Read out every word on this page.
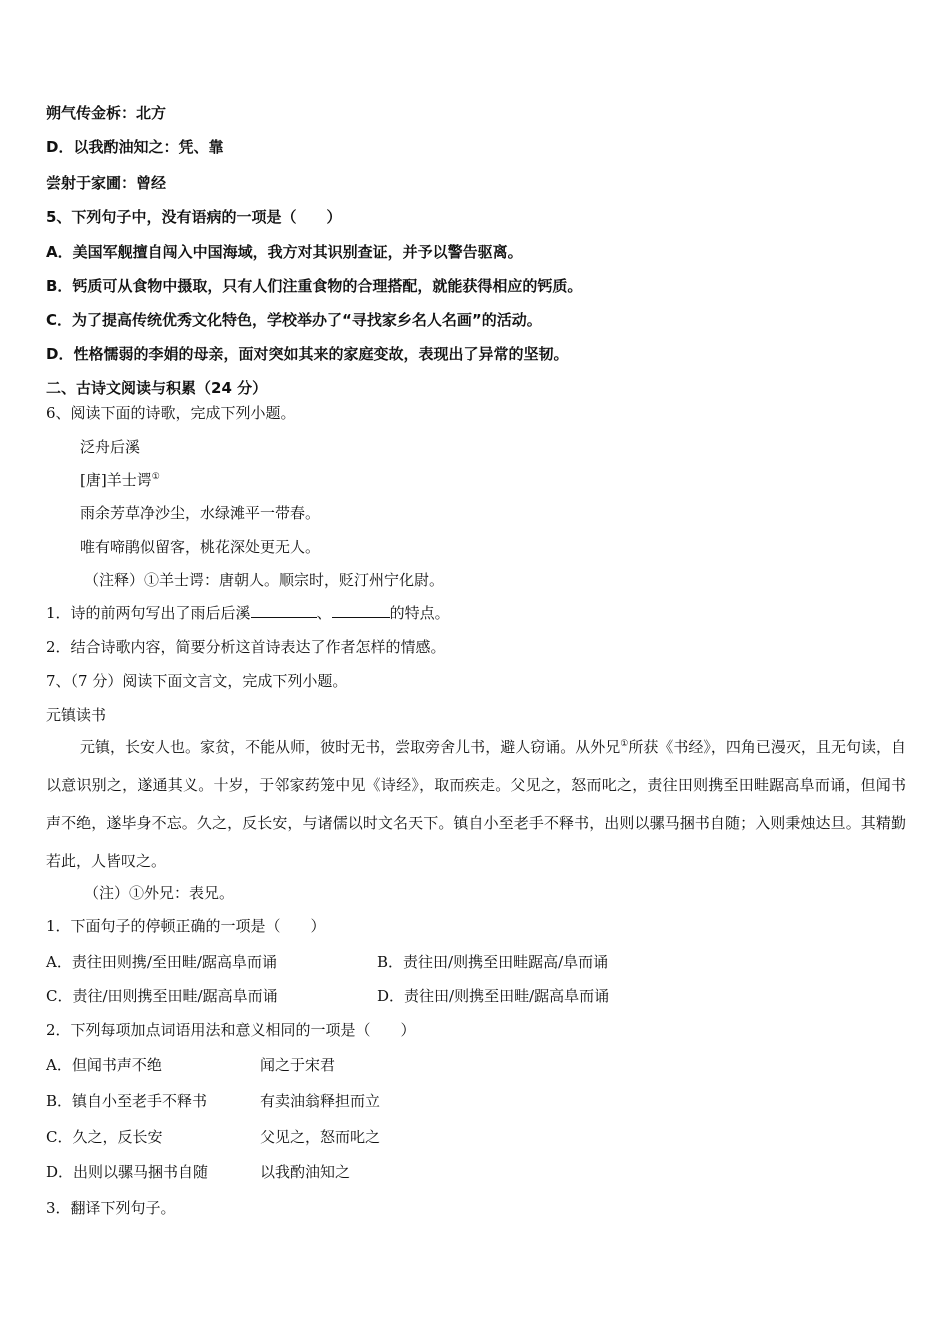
朔气传金柝：北方
D．以我酌油知之：凭、靠
尝射于家圃：曾经
5、下列句子中，没有语病的一项是（　　）
A．美国军舰擅自闯入中国海域，我方对其识别查证，并予以警告驱离。
B．钙质可从食物中摄取，只有人们注重食物的合理搭配，就能获得相应的钙质。
C．为了提高传统优秀文化特色，学校举办了“寻找家乡名人名画”的活动。
D．性格懦弱的李娟的母亲，面对突如其来的家庭变故，表现出了异常的坚韧。
二、古诗文阅读与积累（24 分）
6、阅读下面的诗歌，完成下列小题。
泛舟后溪
[唐]羊士谔①
雨余芳草净沙尘，水绿滩平一带春。
唯有啼鹃似留客，桃花深处更无人。
（注释）①羊士谔：唐朝人。顺宗时，贬汀州宁化尉。
1．诗的前两句写出了雨后后溪	、	的特点。
2．结合诗歌内容，简要分析这首诗表达了作者怎样的情感。
7、（7 分）阅读下面文言文，完成下列小题。
元镇读书

元镇，长安人也。家贫，不能从师，彼时无书，尝取旁舍儿书，避人窃诵。从外兄①所获《书经》，四角已漫灭，且无句读，自以意识别之，遂通其义。十岁，于邻家药笼中见《诗经》，取而疾走。父见之，怒而叱之，责往田则携至田畦踞高阜而诵，但闻书声不绝，遂毕身不忘。久之，反长安，与诸儒以时文名天下。镇自小至老手不释书，出则以骡马捆书自随；入则秉烛达旦。其精勤若此，人皆叹之。

（注）①外兄：表兄。
1．下面句子的停顿正确的一项是（　　）
A．责往田则携/至田畦/踞高阜而诵	B．责往田/则携至田畦踞高/阜而诵
C．责往/田则携至田畦/踞高阜而诵	D．责往田/则携至田畦/踞高阜而诵
2．下列每项加点词语用法和意义相同的一项是（　　）
A．但闻书声不绝	闻之于宋君
B．镇自小至老手不释书	有卖油翁释担而立
C．久之，反长安	父见之，怒而叱之
D．出则以骡马捆书自随	以我酌油知之
3．翻译下列句子。
